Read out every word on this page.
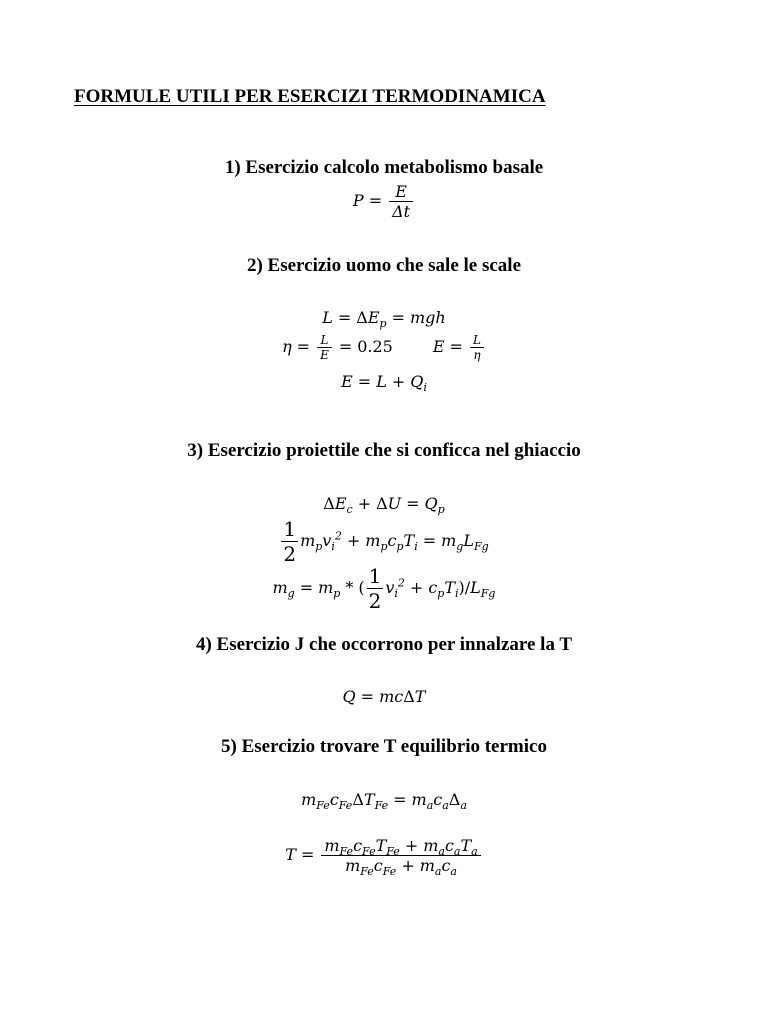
FORMULE UTILI PER ESERCIZI TERMODINAMICA
1) Esercizio calcolo metabolismo basale
$P = \frac{E}{\Delta t}$
2) Esercizio uomo che sale le scale
$L = \Delta E_p$ = mgh
$\eta = \frac{L}{E} = 0.25$	$E = \frac{L}{\eta}$
$E = L + Q_i$
3) Esercizio proiettile che si conficca nel ghiaccio
$\Delta E_c + \Delta U = Q_p$
$\frac{1}{2} m_pv_i^2 + m_pc_pT_i = m_gL_{Fg}$
$m_g = m_p$ * ( $\frac{1}{2} v_i^2 + c_pT_i)/L_{Fg}$
4) Esercizio J che occorrono per innalzare la T
Q = mcΔT
5) Esercizio trovare T equilibrio termico
$m_{Fe}c_{Fe}\Delta T_{Fe} = m_ac_a\Delta_a$
$T = \frac{m_{Fe}c_{Fe}T_{Fe} + m_ac_aT_a}{m_{Fe}c_{Fe} + m_ac_a}$
